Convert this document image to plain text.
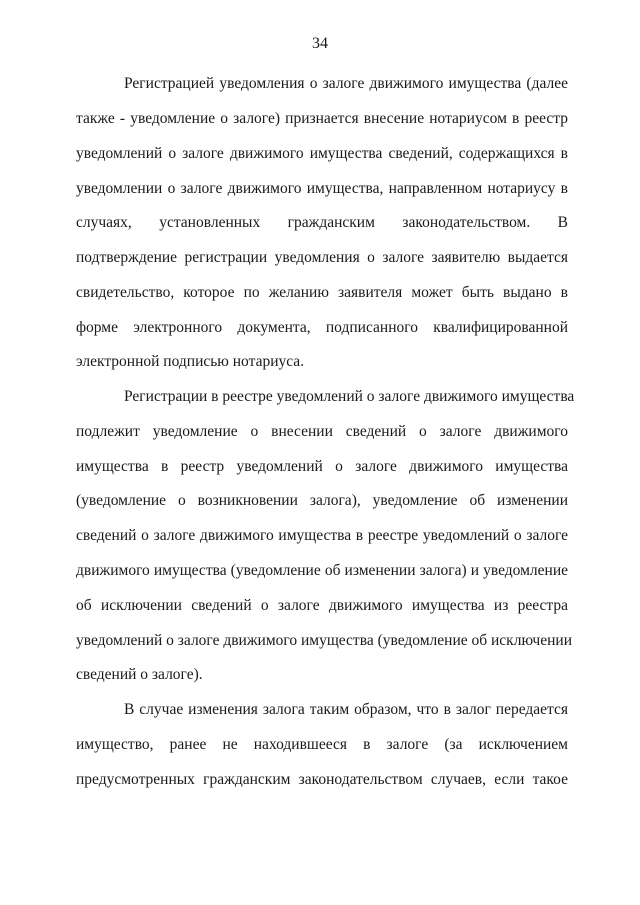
34
Регистрацией уведомления о залоге движимого имущества (далее
также - уведомление о залоге) признается внесение нотариусом в реестр
уведомлений о залоге движимого имущества сведений, содержащихся в
уведомлении о залоге движимого имущества, направленном нотариусу в
случаях, установленных гражданским законодательством. В
подтверждение регистрации уведомления о залоге заявителю выдается
свидетельство, которое по желанию заявителя может быть выдано в
форме электронного документа, подписанного квалифицированной
электронной подписью нотариуса.
Регистрации в реестре уведомлений о залоге движимого имущества
подлежит уведомление о внесении сведений о залоге движимого
имущества в реестр уведомлений о залоге движимого имущества
(уведомление о возникновении залога), уведомление об изменении
сведений о залоге движимого имущества в реестре уведомлений о залоге
движимого имущества (уведомление об изменении залога) и уведомление
об исключении сведений о залоге движимого имущества из реестра
уведомлений о залоге движимого имущества (уведомление об исключении
сведений о залоге).
В случае изменения залога таким образом, что в залог передается
имущество, ранее не находившееся в залоге (за исключением
предусмотренных гражданским законодательством случаев, если такое
